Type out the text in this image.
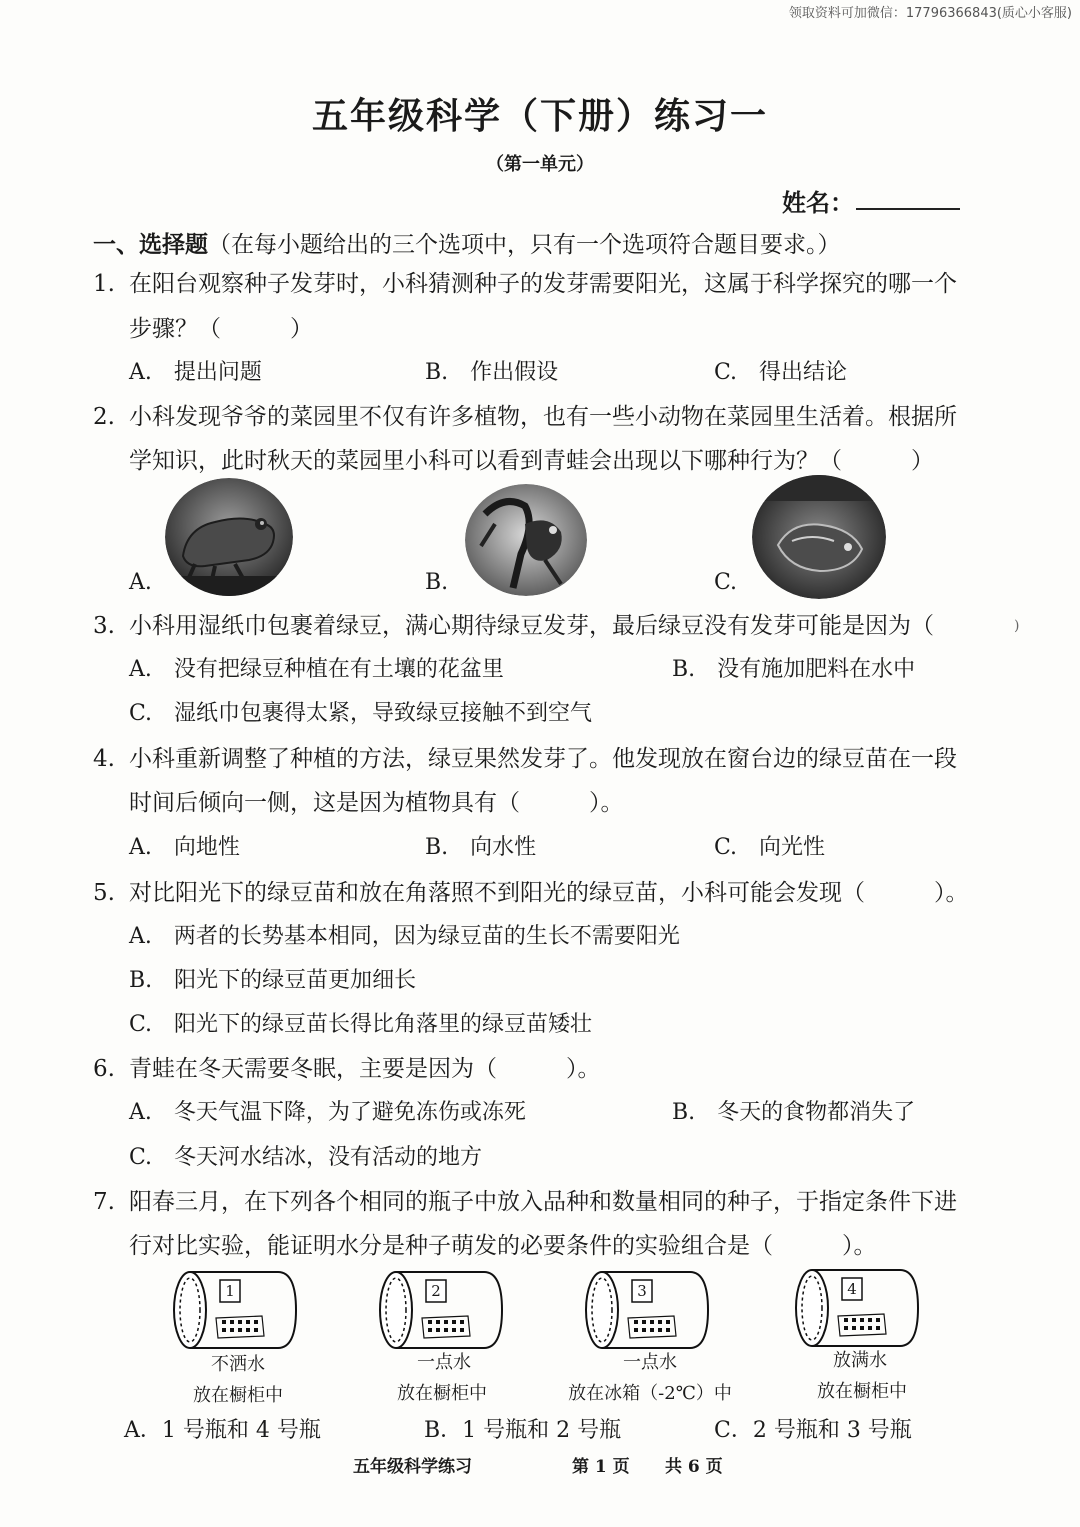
领取资料可加微信：17796366843(质心小客服)
五年级科学（下册）练习一
（第一单元）
姓名：
一、选择题（在每小题给出的三个选项中，只有一个选项符合题目要求。）
1. 在阳台观察种子发芽时，小科猜测种子的发芽需要阳光，这属于科学探究的哪一个
步骤？（　　　）
A.　提出问题	B.　作出假设	C.　得出结论
2. 小科发现爷爷的菜园里不仅有许多植物，也有一些小动物在菜园里生活着。根据所
学知识，此时秋天的菜园里小科可以看到青蛙会出现以下哪种行为？（　　　）
A.	B.	C.
3. 小科用湿纸巾包裹着绿豆，满心期待绿豆发芽，最后绿豆没有发芽可能是因为（	)
A.　没有把绿豆种植在有土壤的花盆里	B.　没有施加肥料在水中
C.　湿纸巾包裹得太紧，导致绿豆接触不到空气
4. 小科重新调整了种植的方法，绿豆果然发芽了。他发现放在窗台边的绿豆苗在一段
时间后倾向一侧，这是因为植物具有（　　　）。
A.　向地性	B.　向水性	C.　向光性
5. 对比阳光下的绿豆苗和放在角落照不到阳光的绿豆苗，小科可能会发现（　　　）。
A.　两者的长势基本相同，因为绿豆苗的生长不需要阳光
B.　阳光下的绿豆苗更加细长
C.　阳光下的绿豆苗长得比角落里的绿豆苗矮壮
6. 青蛙在冬天需要冬眠，主要是因为（　　　）。
A.　冬天气温下降，为了避免冻伤或冻死	B.　冬天的食物都消失了
C.　冬天河水结冰，没有活动的地方
7. 阳春三月，在下列各个相同的瓶子中放入品种和数量相同的种子，于指定条件下进
行对比实验，能证明水分是种子萌发的必要条件的实验组合是（　　　）。
1
不洒水
放在橱柜中
2
一点水
放在橱柜中
3
一点水
放在冰箱（-2℃）中
4
放满水
放在橱柜中
A．1 号瓶和 4 号瓶	B．1 号瓶和 2 号瓶	C．2 号瓶和 3 号瓶
五年级科学练习	第 1 页 共 6 页
